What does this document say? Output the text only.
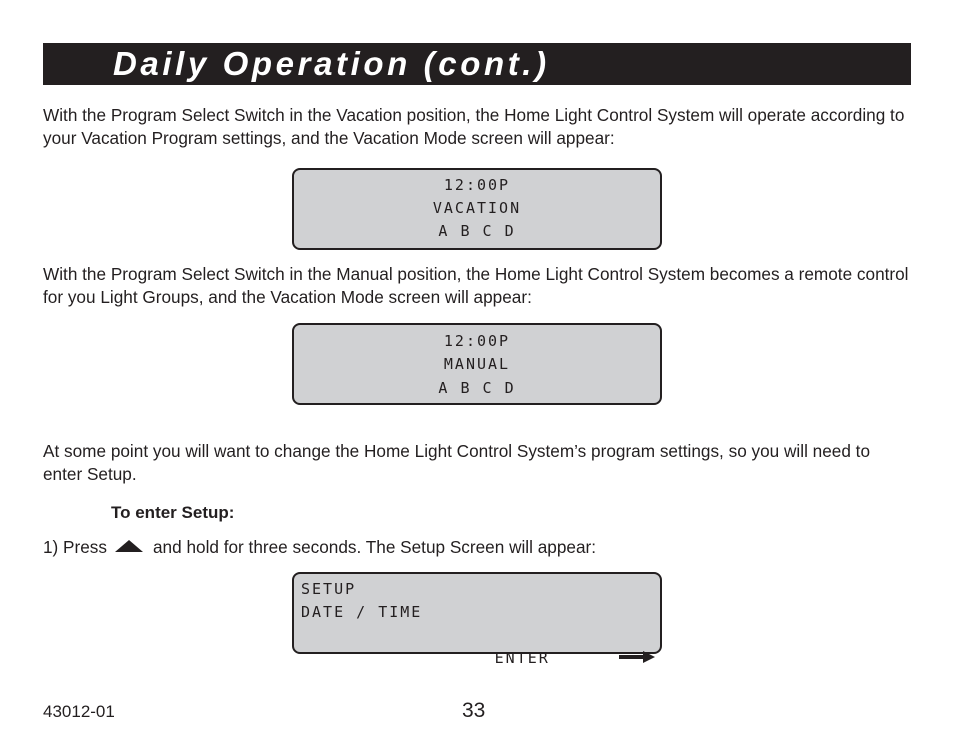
Daily Operation (cont.)

With the Program Select Switch in the Vacation position, the Home Light Control System will operate according to your Vacation Program settings, and the Vacation Mode screen will appear:

12:00P
VACATION
A B C D

With the Program Select Switch in the Manual position, the Home Light Control System becomes a remote control for you Light Groups, and the Vacation Mode screen will appear:

12:00P
MANUAL
A B C D

At some point you will want to change the Home Light Control System’s program settings, so you will need to enter Setup.

To enter Setup:
1) Press	and hold for three seconds. The Setup Screen will appear:
SETUP
DATE / TIME
ENTER

43012-01	33
